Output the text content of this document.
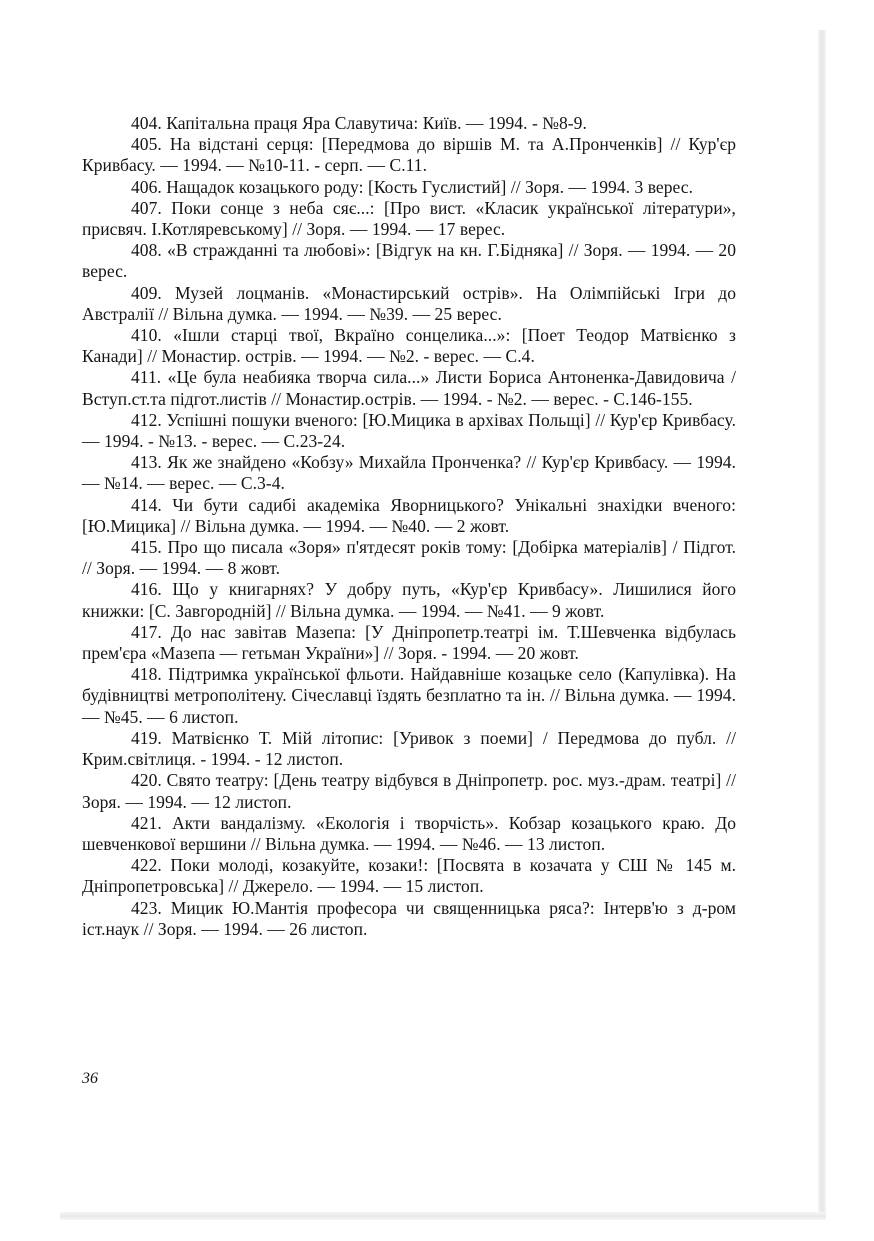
404. Капітальна праця Яра Славутича: Київ. — 1994. - №8-9.

405. На відстані серця: [Передмова до віршів М. та А.Пронченків] // Кур'єр Кривбасу. — 1994. — №10-11. - серп. — С.11.

406. Нащадок козацького роду: [Кость Гуслистий] // Зоря. — 1994. 3 верес.

407. Поки сонце з неба сяє...: [Про вист. «Класик української літератури», присвяч. І.Котляревському] // Зоря. — 1994. — 17 верес.

408. «В стражданні та любові»: [Відгук на кн. Г.Бідняка] // Зоря. — 1994. — 20 верес.

409. Музей лоцманів. «Монастирський острів». На Олімпійські Ігри до Австралії // Вільна думка. — 1994. — №39. — 25 верес.

410. «Ішли старці твої, Вкраїно сонцелика...»: [Поет Теодор Матвієнко з Канади] // Монастир. острів. — 1994. — №2. - верес. — С.4.

411. «Це була неабияка творча сила...» Листи Бориса Антоненка-Давидовича / Вступ.ст.та підгот.листів // Монастир.острів. — 1994. - №2. — верес. - С.146-155.

412. Успішні пошуки вченого: [Ю.Мицика в архівах Польщі] // Кур'єр Кривбасу. — 1994. - №13. - верес. — С.23-24.

413. Як же знайдено «Кобзу» Михайла Пронченка? // Кур'єр Кривбасу. — 1994. — №14. — верес. — С.3-4.

414. Чи бути садибі академіка Яворницького? Унікальні знахідки вченого: [Ю.Мицика] // Вільна думка. — 1994. — №40. — 2 жовт.

415. Про що писала «Зоря» п'ятдесят років тому: [Добірка матеріалів] / Підгот. // Зоря. — 1994. — 8 жовт.

416. Що у книгарнях? У добру путь, «Кур'єр Кривбасу». Лишилися його книжки: [С. Завгородній] // Вільна думка. — 1994. — №41. — 9 жовт.

417. До нас завітав Мазепа: [У Дніпропетр.театрі ім. Т.Шевченка відбулась прем'єра «Мазепа — гетьман України»] // Зоря. - 1994. — 20 жовт.

418. Підтримка української фльоти. Найдавніше козацьке село (Капулівка). На будівництві метрополітену. Січеславці їздять безплатно та ін. // Вільна думка. — 1994. — №45. — 6 листоп.

419. Матвієнко Т. Мій літопис: [Уривок з поеми] / Передмова до публ. // Крим.світлиця. - 1994. - 12 листоп.

420. Свято театру: [День театру відбувся в Дніпропетр. рос. муз.-драм. театрі] // Зоря. — 1994. — 12 листоп.

421. Акти вандалізму. «Екологія і творчість». Кобзар козацького краю. До шевченкової вершини // Вільна думка. — 1994. — №46. — 13 листоп.

422. Поки молоді, козакуйте, козаки!: [Посвята в козачата у СШ № 145 м. Дніпропетровська] // Джерело. — 1994. — 15 листоп.

423. Мицик Ю.Мантія професора чи священницька ряса?: Інтерв'ю з д-ром іст.наук // Зоря. — 1994. — 26 листоп.

36
